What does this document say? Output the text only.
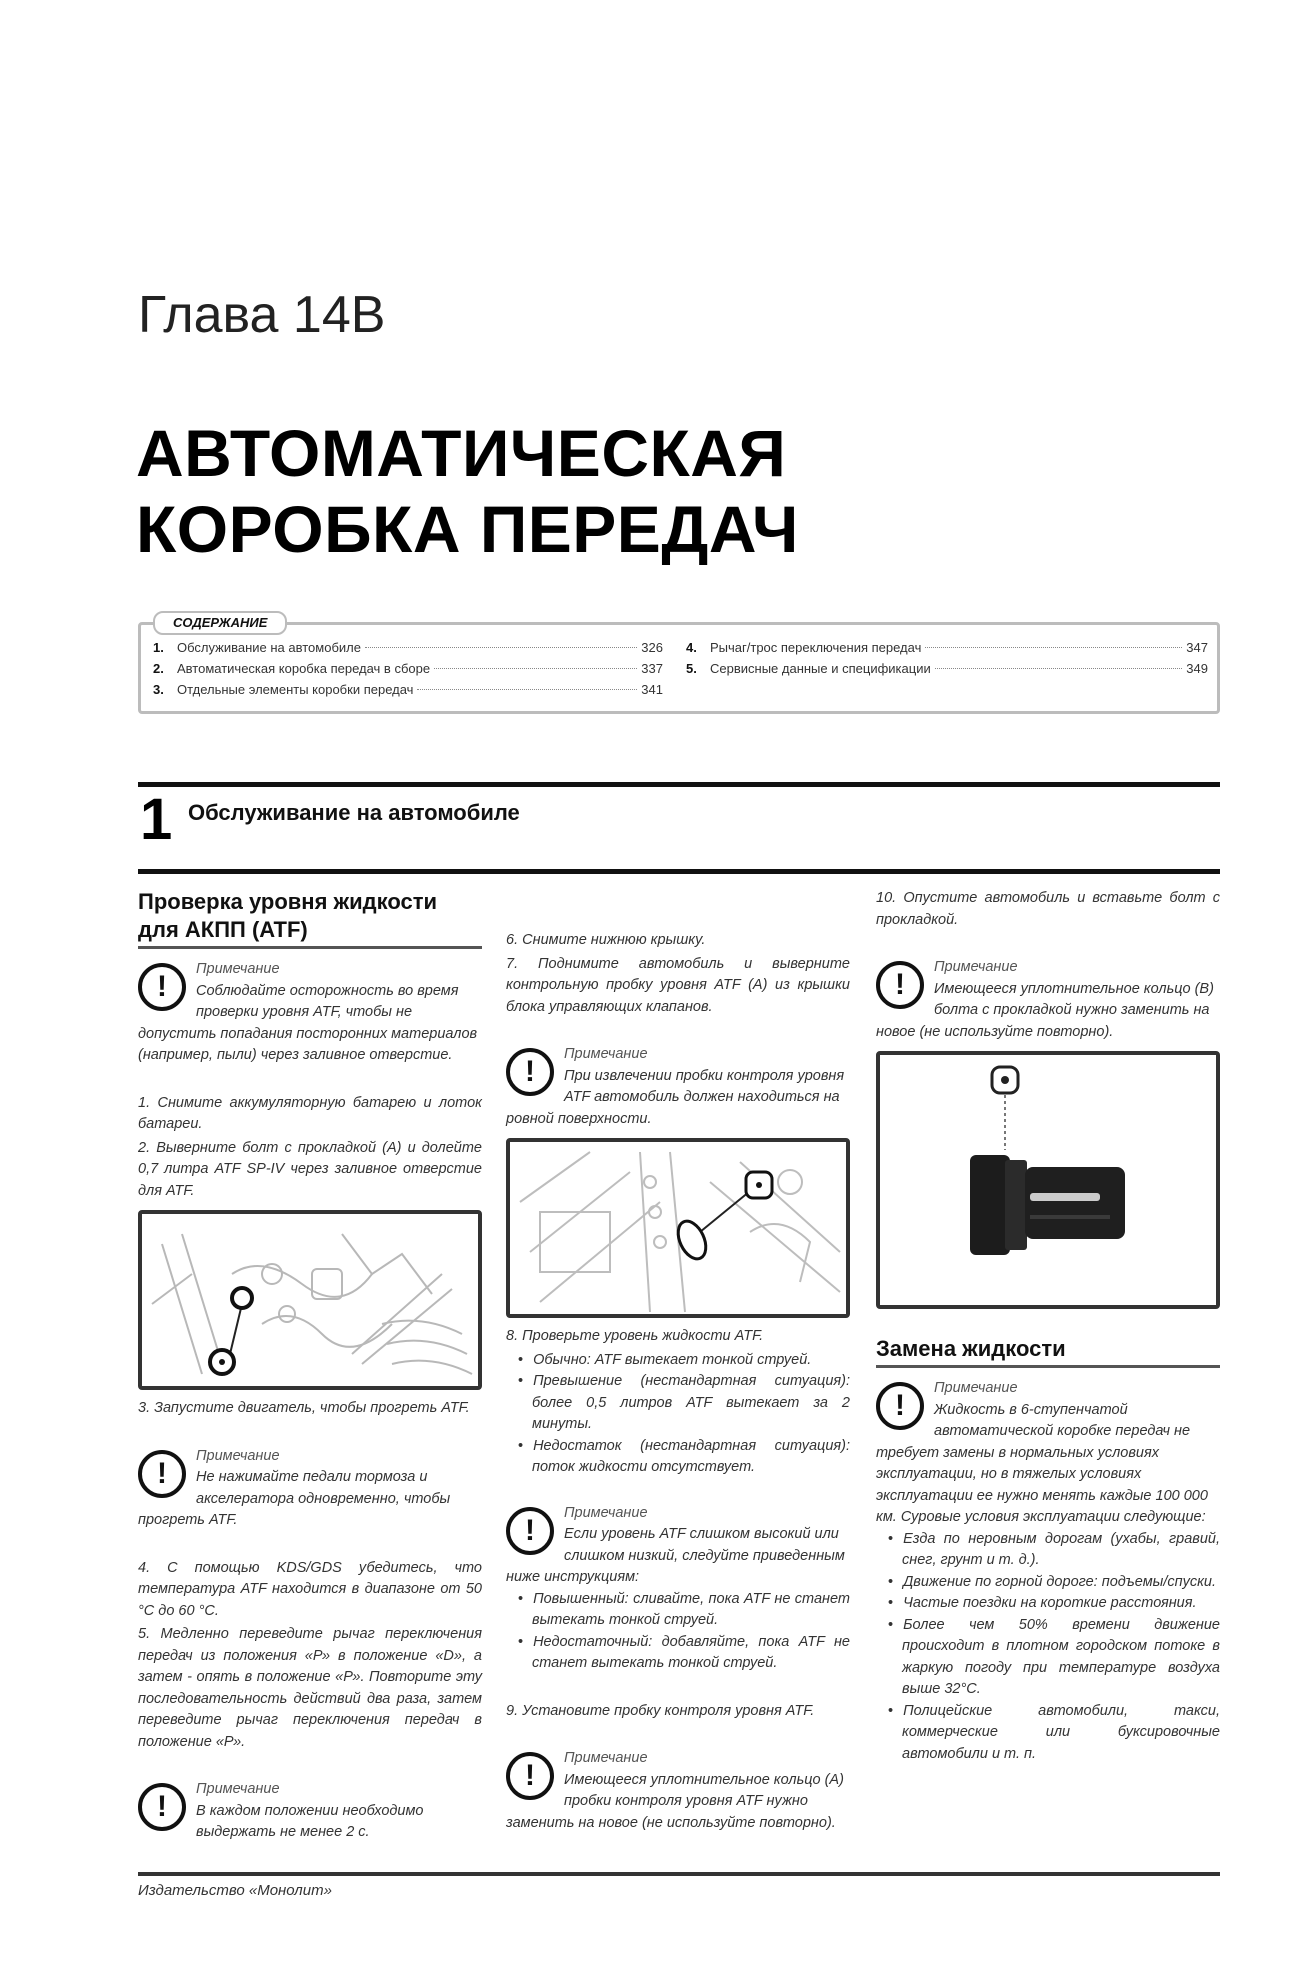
Глава 14В
АВТОМАТИЧЕСКАЯ
КОРОБКА ПЕРЕДАЧ
СОДЕРЖАНИЕ
1.	Обслуживание на автомобиле	326
2.	Автоматическая коробка передач в сборе	337
3.	Отдельные элементы коробки передач	341
4.	Рычаг/трос переключения передач	347
5.	Сервисные данные и спецификации	349
1 Обслуживание на автомобиле
Проверка уровня жидкости для АКПП (ATF)
!
Примечание
Соблюдайте осторожность во время проверки уровня ATF, чтобы не допустить попадания посторонних материалов (например, пыли) через заливное отверстие.
1. Снимите аккумуляторную батарею и лоток батареи.
2. Выверните болт с прокладкой (А) и долейте 0,7 литра ATF SP-IV через заливное отверстие для ATF.
3. Запустите двигатель, чтобы прогреть ATF.
!
Примечание
Не нажимайте педали тормоза и акселератора одновременно, чтобы прогреть ATF.
4. С помощью KDS/GDS убедитесь, что температура ATF находится в диапазоне от 50 °С до 60 °С.
5. Медленно переведите рычаг переключения передач из положения «Р» в положение «D», а затем - опять в положение «Р». Повторите эту последовательность действий два раза, затем переведите рычаг переключения передач в положение «Р».
!
Примечание
В каждом положении необходимо выдержать не менее 2 с.
6. Снимите нижнюю крышку.
7. Поднимите автомобиль и выверните контрольную пробку уровня ATF (А) из крышки блока управляющих клапанов.
!
Примечание
При извлечении пробки контроля уровня ATF автомобиль должен находиться на ровной поверхности.
8. Проверьте уровень жидкости ATF.
• Обычно: ATF вытекает тонкой струей.
• Превышение (нестандартная ситуация): более 0,5 литров ATF вытекает за 2 минуты.
• Недостаток (нестандартная ситуация): поток жидкости отсутствует.
!
Примечание
Если уровень ATF слишком высокий или слишком низкий, следуйте приведенным ниже инструкциям:
• Повышенный: сливайте, пока ATF не станет вытекать тонкой струей.
• Недостаточный: добавляйте, пока ATF не станет вытекать тонкой струей.
9. Установите пробку контроля уровня ATF.
!
Примечание
Имеющееся уплотнительное кольцо (А) пробки контроля уровня ATF нужно заменить на новое (не используйте повторно).
10. Опустите автомобиль и вставьте болт с прокладкой.
!
Примечание
Имеющееся уплотнительное кольцо (В) болта с прокладкой нужно заменить на новое (не используйте повторно).
Замена жидкости
!
Примечание
Жидкость в 6-ступенчатой автоматической коробке передач не требует замены в нормальных условиях эксплуатации, но в тяжелых условиях эксплуатации ее нужно менять каждые 100 000 км. Суровые условия эксплуатации следующие:
• Езда по неровным дорогам (ухабы, гравий, снег, грунт и т. д.).
• Движение по горной дороге: подъемы/спуски.
• Частые поездки на короткие расстояния.
• Более чем 50% времени движение происходит в плотном городском потоке в жаркую погоду при температуре воздуха выше 32°С.
• Полицейские автомобили, такси, коммерческие или буксировочные автомобили и т. п.
Издательство «Монолит»
